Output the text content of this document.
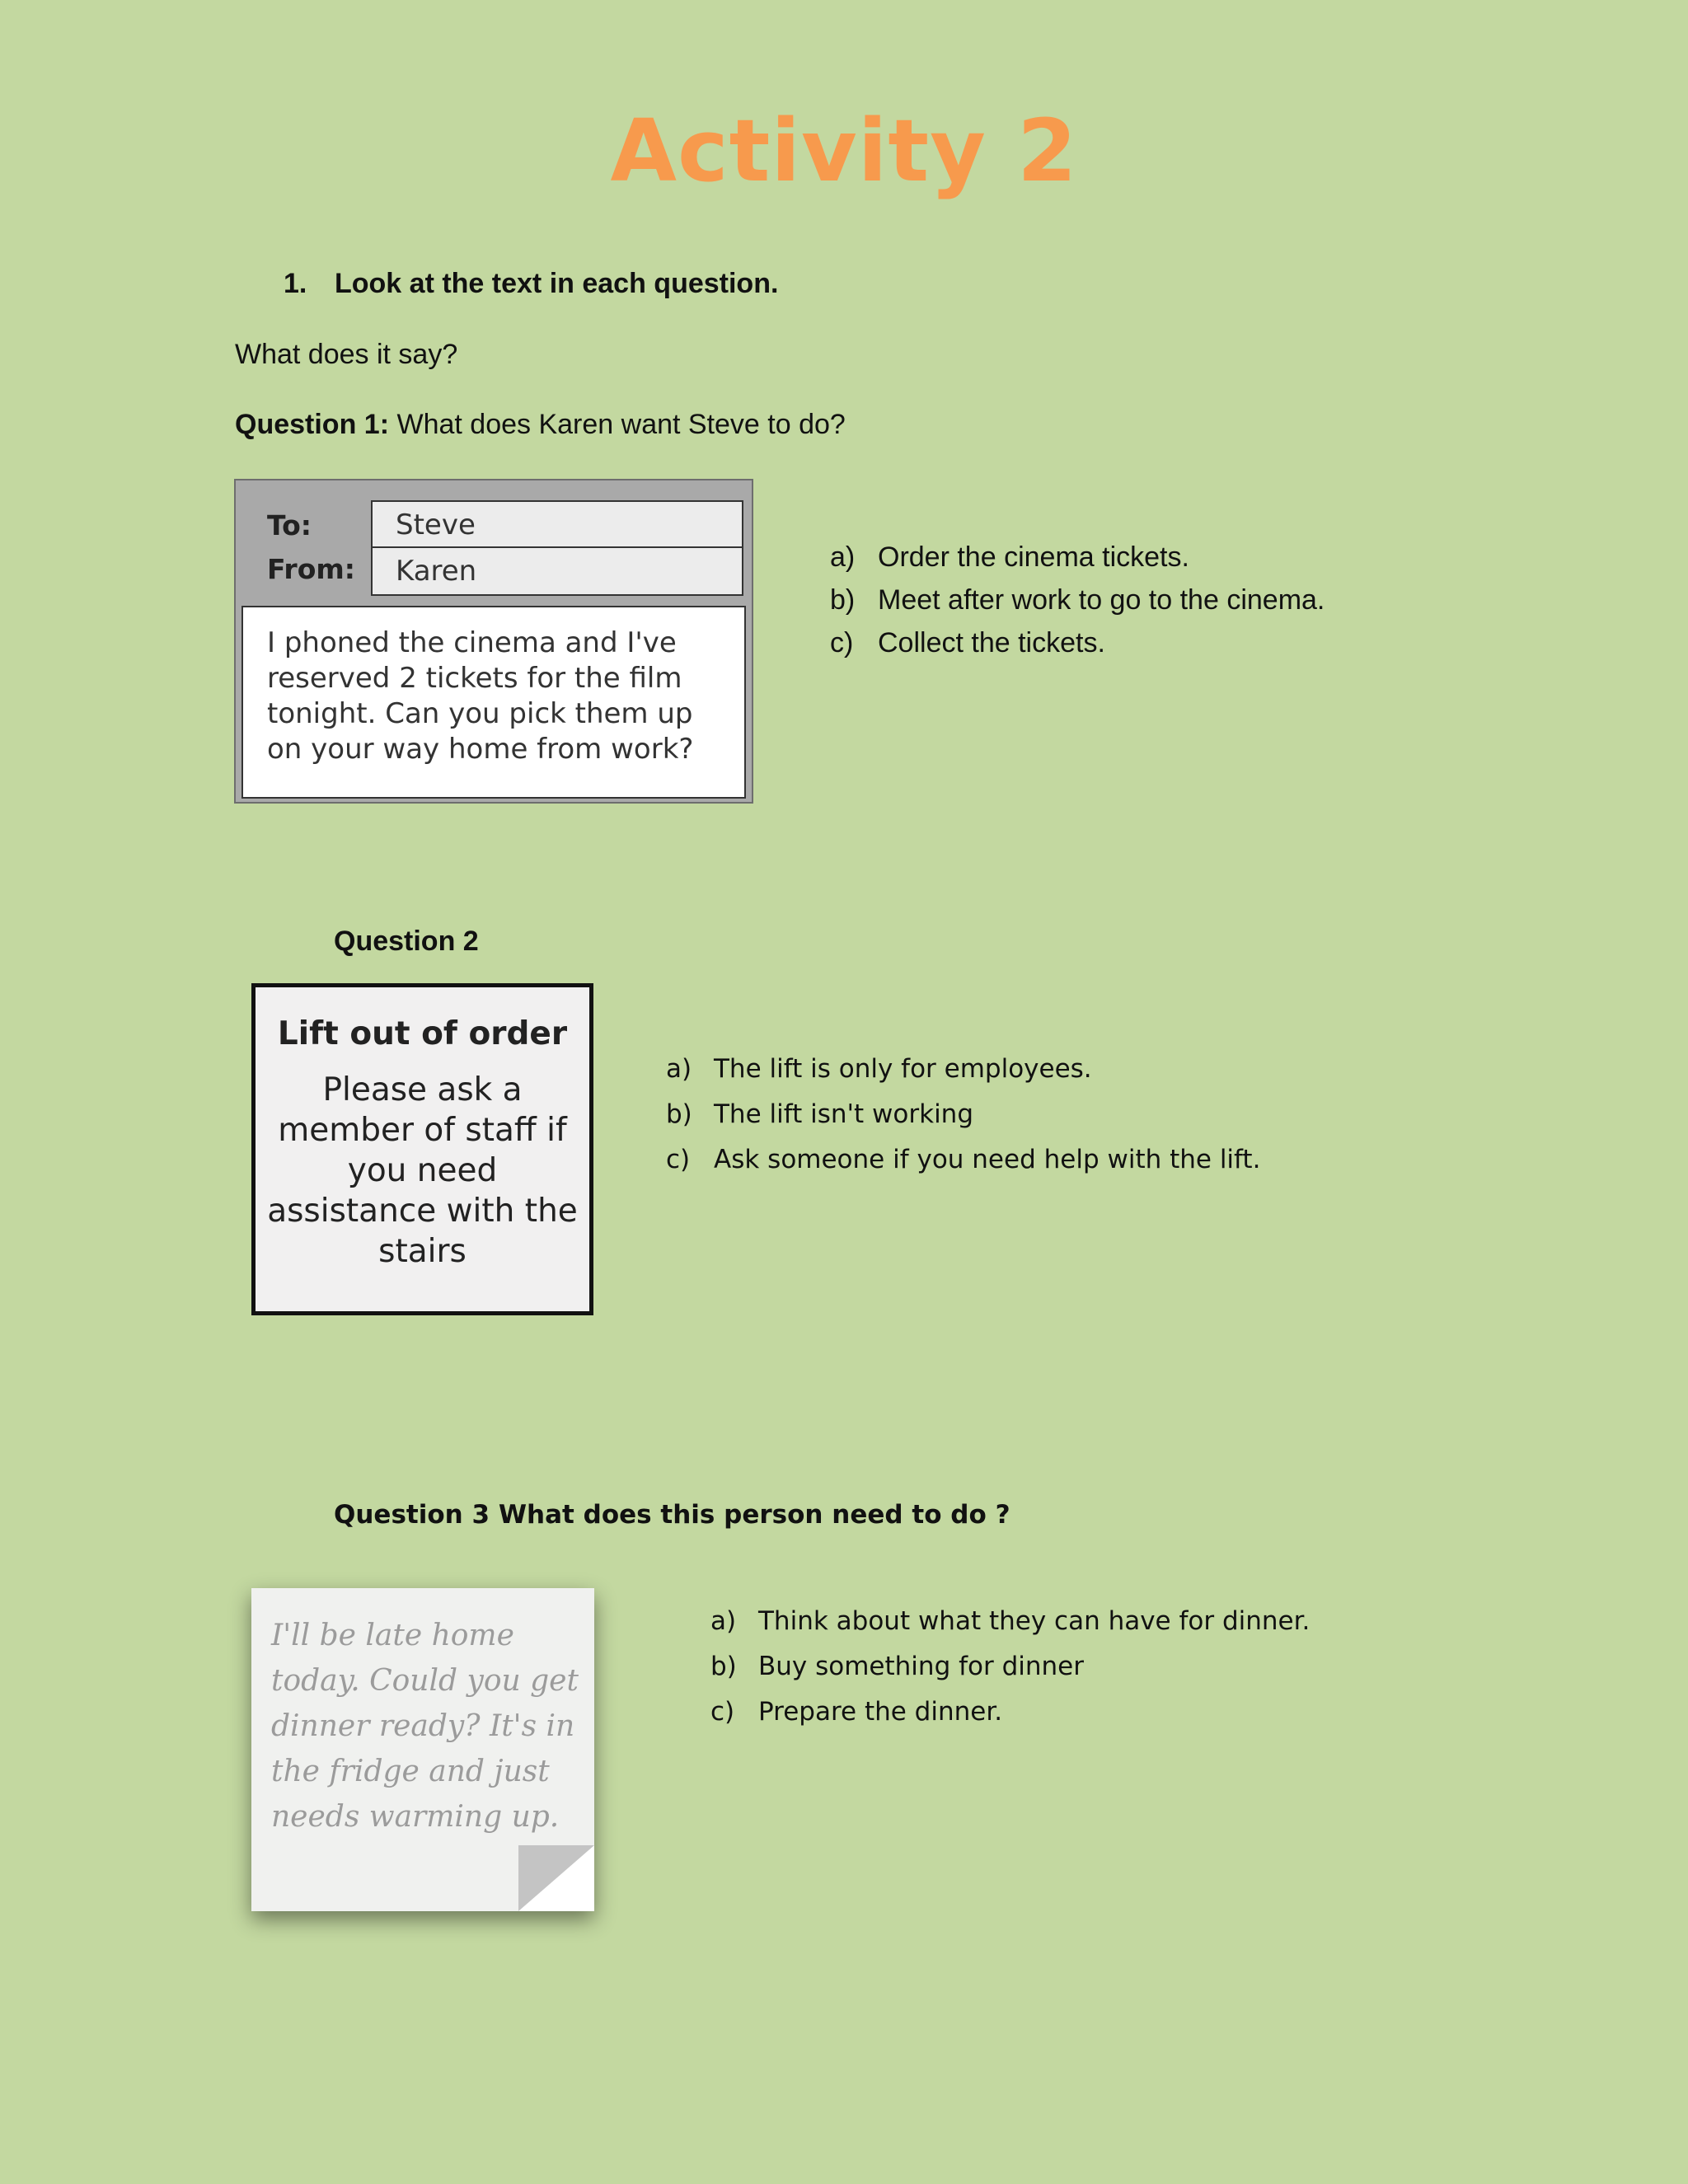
Activity 2
1. Look at the text in each question.
What does it say?
Question 1: What does Karen want Steve to do?
To:	Steve
From:	Karen
I phoned the cinema and I've reserved 2 tickets for the film tonight. Can you pick them up on your way home from work?
a) Order the cinema tickets.
b) Meet after work to go to the cinema.
c) Collect the tickets.
Question 2
Lift out of order
Please ask a member of staff if you need assistance with the stairs
a) The lift is only for employees.
b) The lift isn't working
c) Ask someone if you need help with the lift.
Question 3 What does this person need to do ?
I'll be late home today. Could you get dinner ready? It's in the fridge and just needs warming up.
a) Think about what they can have for dinner.
b) Buy something for dinner
c) Prepare the dinner.
